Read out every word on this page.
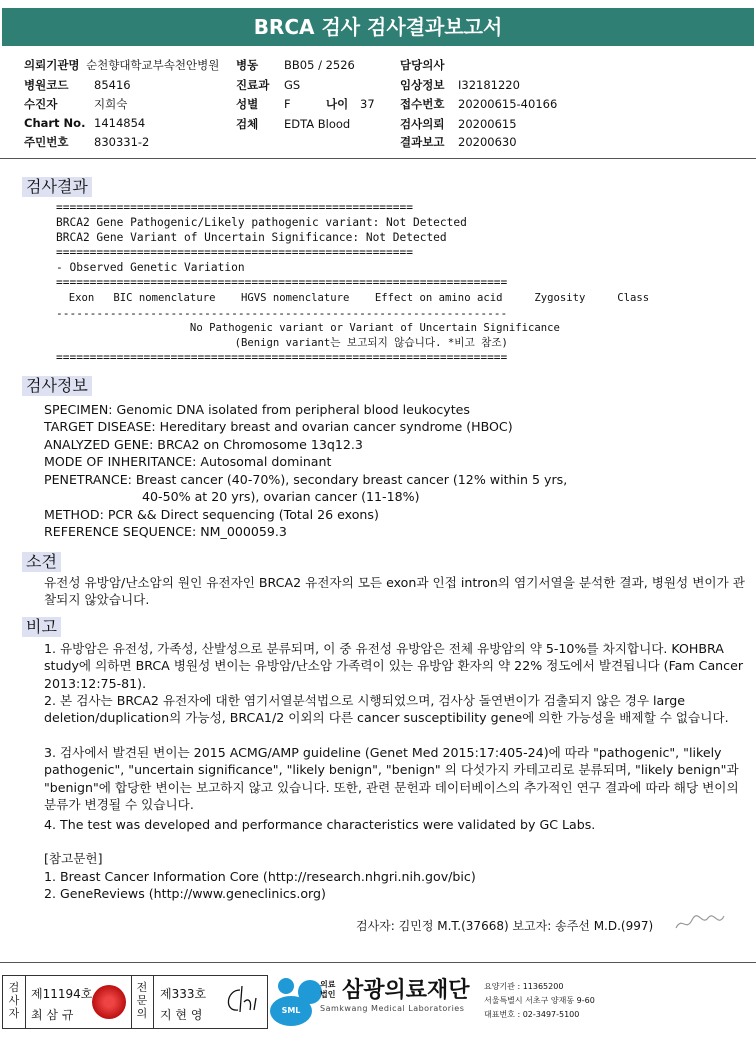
BRCA 검사 검사결과보고서
의뢰기관명 순천향대학교부속천안병원
병원코드 85416
수진자	지희숙
Chart No. 1414854
주민번호 830331-2
병동 BB05 / 2526
진료과 GS
성별 F	나이 37
검체 EDTA Blood
담당의사
임상정보 I32181220
접수번호 20200615-40166
검사의뢰 20200615
결과보고 20200630
검사결과
=====================================================
BRCA2 Gene Pathogenic/Likely pathogenic variant: Not Detected
BRCA2 Gene Variant of Uncertain Significance: Not Detected
=====================================================
- Observed Genetic Variation
===================================================================
Exon   BIC nomenclature    HGVS nomenclature    Effect on amino acid     Zygosity     Class
-------------------------------------------------------------------
No Pathogenic variant or Variant of Uncertain Significance
(Benign variant는 보고되지 않습니다. *비고 참조)
===================================================================
검사정보
SPECIMEN: Genomic DNA isolated from peripheral blood leukocytes
TARGET DISEASE: Hereditary breast and ovarian cancer syndrome (HBOC)
ANALYZED GENE: BRCA2 on Chromosome 13q12.3
MODE OF INHERITANCE: Autosomal dominant
PENETRANCE: Breast cancer (40-70%), secondary breast cancer (12% within 5 yrs,
40-50% at 20 yrs), ovarian cancer (11-18%)
METHOD: PCR && Direct sequencing (Total 26 exons)
REFERENCE SEQUENCE: NM_000059.3
소견
유전성 유방암/난소암의 원인 유전자인 BRCA2 유전자의 모든 exon과 인접 intron의 염기서열을 분석한 결과, 병원성 변이가 관찰되지 않았습니다.
비고
1. 유방암은 유전성, 가족성, 산발성으로 분류되며, 이 중 유전성 유방암은 전체 유방암의 약 5-10%를 차지합니다. KOHBRA study에 의하면 BRCA 병원성 변이는 유방암/난소암 가족력이 있는 유방암 환자의 약 22% 정도에서 발견됩니다 (Fam Cancer 2013:12:75-81).
2. 본 검사는 BRCA2 유전자에 대한 염기서열분석법으로 시행되었으며, 검사상 돌연변이가 검출되지 않은 경우 large deletion/duplication의 가능성, BRCA1/2 이외의 다른 cancer susceptibility gene에 의한 가능성을 배제할 수 없습니다.
3. 검사에서 발견된 변이는 2015 ACMG/AMP guideline (Genet Med 2015:17:405-24)에 따라 "pathogenic", "likely pathogenic", "uncertain significance", "likely benign", "benign" 의 다섯가지 카테고리로 분류되며, "likely benign"과 "benign"에 합당한 변이는 보고하지 않고 있습니다. 또한, 관련 문헌과 데이터베이스의 추가적인 연구 결과에 따라 해당 변이의 분류가 변경될 수 있습니다.
4. The test was developed and performance characteristics were validated by GC Labs.
[참고문헌]
1. Breast Cancer Information Core (http://research.nhgri.nih.gov/bic)
2. GeneReviews (http://www.geneclinics.org)
검사자: 김민정 M.T.(37668) 보고자: 송주선 M.D.(997)
검사자
제11194호
최 삼 규
전문의
제333호
지 현 영	SML
의료법인 삼광의료재단
Samkwang Medical Laboratories
요양기관 : 11365200
서울특별시 서초구 양재동 9-60
대표번호 : 02-3497-5100
